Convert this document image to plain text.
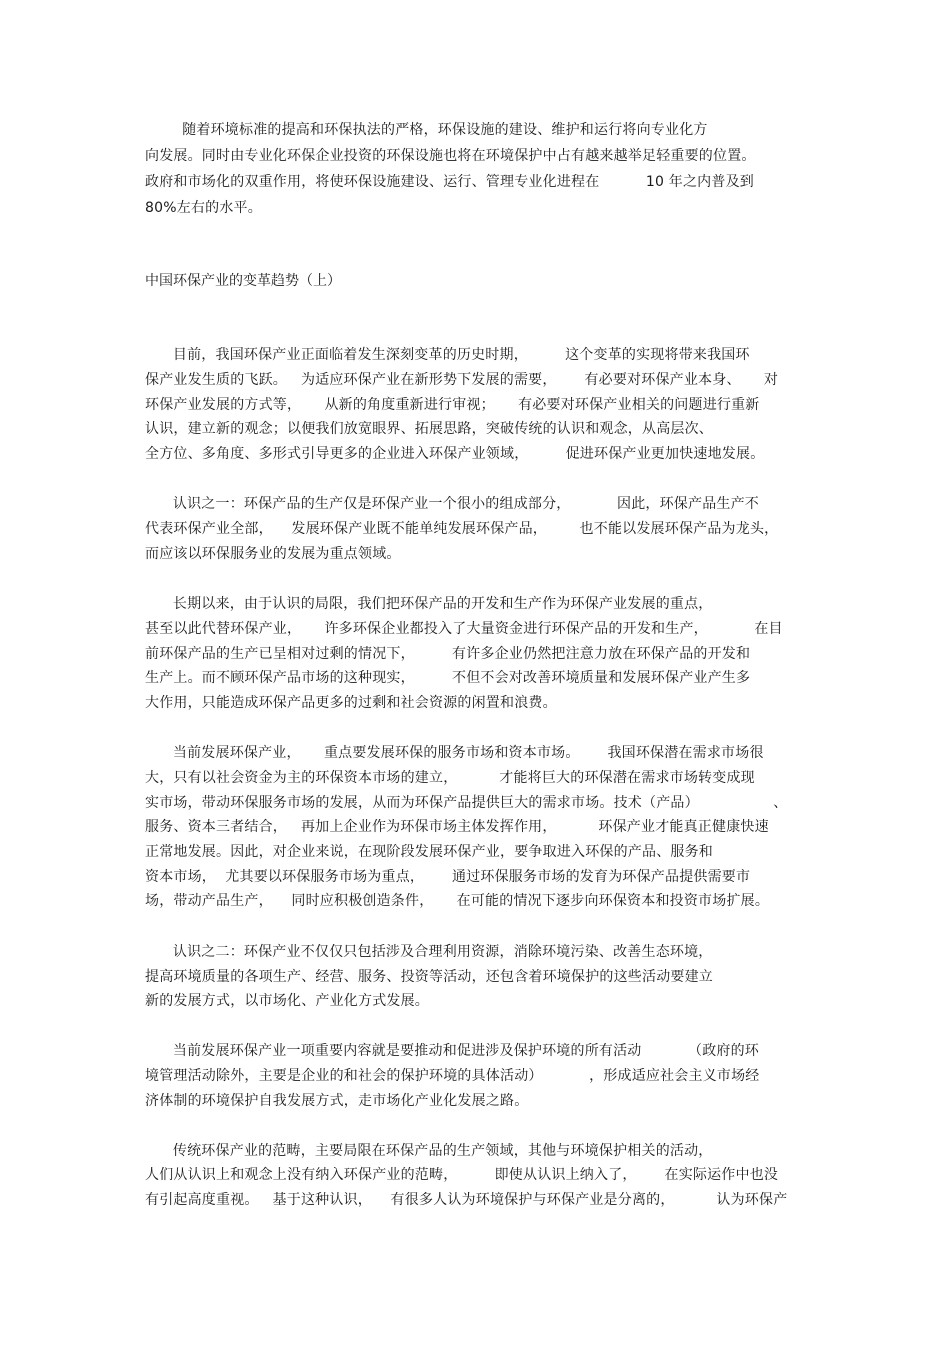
随着环境标准的提高和环保执法的严格，环保设施的建设、维护和运行将向专业化方
向发展。同时由专业化环保企业投资的环保设施也将在环境保护中占有越来越举足轻重要的位置。
政府和市场化的双重作用，将使环保设施建设、运行、管理专业化进程在          10 年之内普及到
80%左右的水平。
中国环保产业的变革趋势（上）
目前，我国环保产业正面临着发生深刻变革的历史时期，        这个变革的实现将带来我国环
保产业发生质的飞跃。   为适应环保产业在新形势下发展的需要，      有必要对环保产业本身、     对
环保产业发展的方式等，     从新的角度重新进行审视；     有必要对环保产业相关的问题进行重新
认识，建立新的观念；以便我们放宽眼界、拓展思路，突破传统的认识和观念，从高层次、
全方位、多角度、多形式引导更多的企业进入环保产业领域，        促进环保产业更加快速地发展。
认识之一：环保产品的生产仅是环保产业一个很小的组成部分，          因此，环保产品生产不
代表环保产业全部，    发展环保产业既不能单纯发展环保产品，       也不能以发展环保产品为龙头，
而应该以环保服务业的发展为重点领域。
长期以来，由于认识的局限，我们把环保产品的开发和生产作为环保产业发展的重点，
甚至以此代替环保产业，     许多环保企业都投入了大量资金进行环保产品的开发和生产，          在目
前环保产品的生产已呈相对过剩的情况下，        有许多企业仍然把注意力放在环保产品的开发和
生产上。而不顾环保产品市场的这种现实，        不但不会对改善环境质量和发展环保产业产生多
大作用，只能造成环保产品更多的过剩和社会资源的闲置和浪费。
当前发展环保产业，     重点要发展环保的服务市场和资本市场。      我国环保潜在需求市场很
大，只有以社会资金为主的环保资本市场的建立，         才能将巨大的环保潜在需求市场转变成现
实市场，带动环保服务市场的发展，从而为环保产品提供巨大的需求市场。技术（产品）                、
服务、资本三者结合，   再加上企业作为环保市场主体发挥作用，         环保产业才能真正健康快速
正常地发展。因此，对企业来说，在现阶段发展环保产业，要争取进入环保的产品、服务和
资本市场，  尤其要以环保服务市场为重点，      通过环保服务市场的发育为环保产品提供需要市
场，带动产品生产，    同时应积极创造条件，     在可能的情况下逐步向环保资本和投资市场扩展。
认识之二：环保产业不仅仅只包括涉及合理利用资源，消除环境污染、改善生态环境，
提高环境质量的各项生产、经营、服务、投资等活动，还包含着环境保护的这些活动要建立
新的发展方式，以市场化、产业化方式发展。
当前发展环保产业一项重要内容就是要推动和促进涉及保护环境的所有活动          （政府的环
境管理活动除外，主要是企业的和社会的保护环境的具体活动）          ，形成适应社会主义市场经
济体制的环境保护自我发展方式，走市场化产业化发展之路。
传统环保产业的范畴，主要局限在环保产品的生产领域，其他与环境保护相关的活动，
人们从认识上和观念上没有纳入环保产业的范畴，        即使从认识上纳入了，      在实际运作中也没
有引起高度重视。   基于这种认识，    有很多人认为环境保护与环保产业是分离的，         认为环保产
